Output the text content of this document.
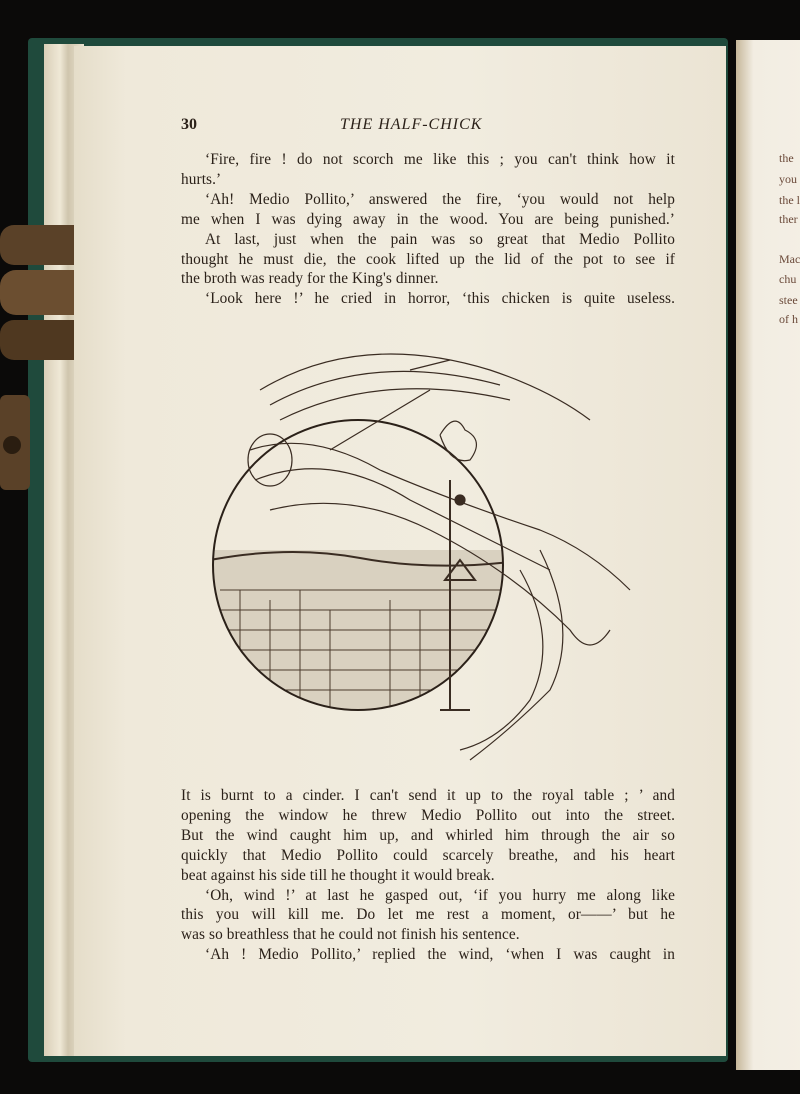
the
you
the l
ther
Mac
chu
stee
of h
30	THE HALF-CHICK
‘Fire, fire ! do not scorch me like this ; you can't think how it
hurts.’
‘Ah! Medio Pollito,’ answered the fire, ‘you would not help
me when I was dying away in the wood. You are being punished.’
At last, just when the pain was so great that Medio Pollito
thought he must die, the cook lifted up the lid of the pot to see if
the broth was ready for the King's dinner.
‘Look here !’ he cried in horror, ‘this chicken is quite useless.
It is burnt to a cinder. I can't send it up to the royal table ; ’ and
opening the window he threw Medio Pollito out into the street.
But the wind caught him up, and whirled him through the air so
quickly that Medio Pollito could scarcely breathe, and his heart
beat against his side till he thought it would break.
‘Oh, wind !’ at last he gasped out, ‘if you hurry me along like
this you will kill me. Do let me rest a moment, or——’ but he
was so breathless that he could not finish his sentence.
‘Ah ! Medio Pollito,’ replied the wind, ‘when I was caught in
